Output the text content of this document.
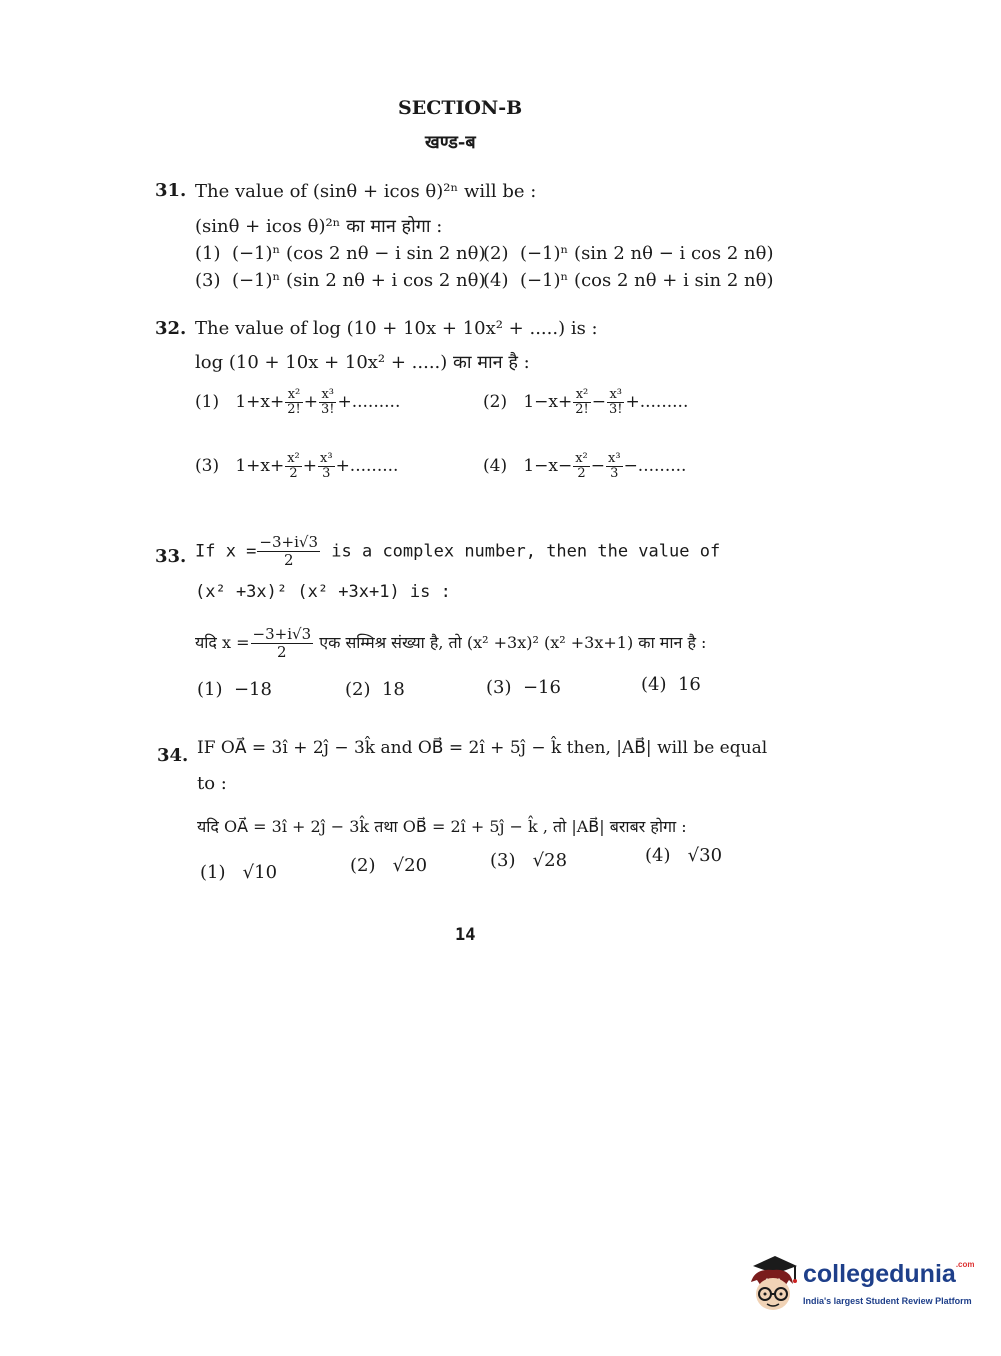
SECTION-B
खण्ड-ब
31. The value of (sinθ + icos θ)²ⁿ will be :
(sinθ + icos θ)²ⁿ का मान होगा :
(1) (−1)ⁿ (cos 2 nθ − i sin 2 nθ)
(2) (−1)ⁿ (sin 2 nθ − i cos 2 nθ)
(3) (−1)ⁿ (sin 2 nθ + i cos 2 nθ)
(4) (−1)ⁿ (cos 2 nθ + i sin 2 nθ)
32. The value of log (10 + 10x + 10x² + .....) is :
log (10 + 10x + 10x² + .....) का मान है :
(1) $1+x+ \frac{\text{x²}}{2!} + \frac{\text{x³}}{3!}$ +.........	(2) $1-x+ \frac{\text{x²}}{2!} - \frac{\text{x³}}{3!}$ +.........
(3) $1+x+ \frac{\text{x²}}{2} + \frac{\text{x³}}{3}$ +.........	(4) $1-x- \frac{\text{x²}}{2} - \frac{\text{x³}}{3}$ −.........
33. If $x = \frac{-3+i√3}{2}$ is a complex number, then the value of
(x² +3x)² (x² +3x+1) is :
यदि $x = \frac{-3+i√3}{2}$ एक सम्मिश्र संख्या है, तो (x² +3x)² (x² +3x+1) का मान है :
(1) −18	(2) 18	(3) −16	(4) 16
34. IF OA⃗ = 3î + 2ĵ − 3k̂ and OB⃗ = 2î + 5ĵ − k̂ then, |AB⃗| will be equal
to :
यदि OA⃗ = 3î + 2ĵ − 3k̂ तथा OB⃗ = 2î + 5ĵ − k̂ , तो |AB⃗| बराबर होगा :
(1) √10	(2) √20	(3) √28	(4) √30
14
collegedunia$^{.com}$
India's largest Student Review Platform
